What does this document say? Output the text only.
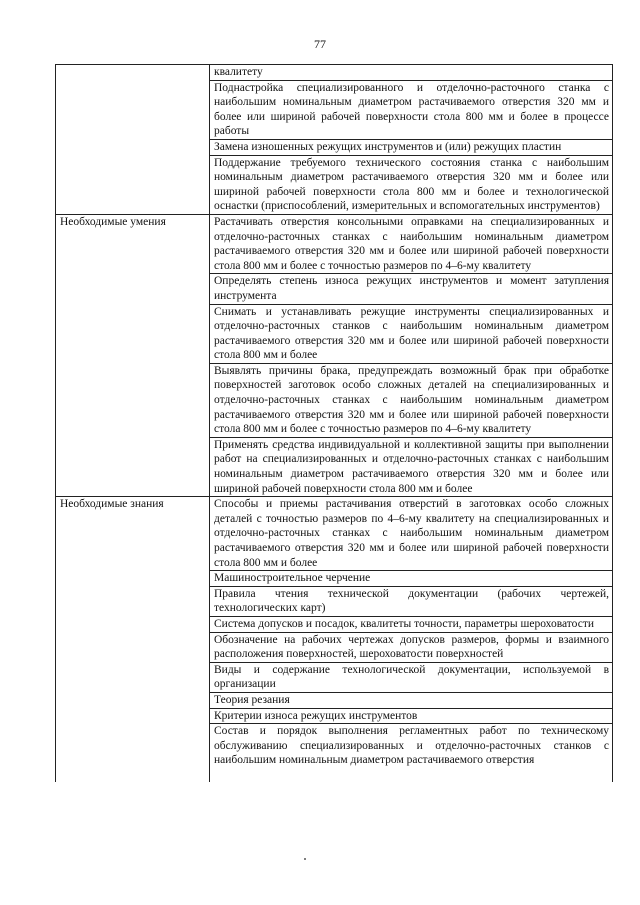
77
	квалитету
	Поднастройка специализированного и отделочно-расточного станка с наибольшим номинальным диаметром растачиваемого отверстия 320 мм и более или шириной рабочей поверхности стола 800 мм и более в процессе работы
	Замена изношенных режущих инструментов и (или) режущих пластин
	Поддержание требуемого технического состояния станка с наибольшим номинальным диаметром растачиваемого отверстия 320 мм и более или шириной рабочей поверхности стола 800 мм и более и технологической оснастки (приспособлений, измерительных и вспомогательных инструментов)
Необходимые умения	Растачивать отверстия консольными оправками на специализированных и отделочно-расточных станках с наибольшим номинальным диаметром растачиваемого отверстия 320 мм и более или шириной рабочей поверхности стола 800 мм и более с точностью размеров по 4–6-му квалитету
	Определять степень износа режущих инструментов и момент затупления инструмента
	Снимать и устанавливать режущие инструменты специализированных и отделочно-расточных станков с наибольшим номинальным диаметром растачиваемого отверстия 320 мм и более или шириной рабочей поверхности стола 800 мм и более
	Выявлять причины брака, предупреждать возможный брак при обработке поверхностей заготовок особо сложных деталей на специализированных и отделочно-расточных станках с наибольшим номинальным диаметром растачиваемого отверстия 320 мм и более или шириной рабочей поверхности стола 800 мм и более с точностью размеров по 4–6-му квалитету
	Применять средства индивидуальной и коллективной защиты при выполнении работ на специализированных и отделочно-расточных станках с наибольшим номинальным диаметром растачиваемого отверстия 320 мм и более или шириной рабочей поверхности стола 800 мм и более
Необходимые знания	Способы и приемы растачивания отверстий в заготовках особо сложных деталей с точностью размеров по 4–6-му квалитету на специализированных и отделочно-расточных станках с наибольшим номинальным диаметром растачиваемого отверстия 320 мм и более или шириной рабочей поверхности стола 800 мм и более
	Машиностроительное черчение
	Правила чтения технической документации (рабочих чертежей, технологических карт)
	Система допусков и посадок, квалитеты точности, параметры шероховатости
	Обозначение на рабочих чертежах допусков размеров, формы и взаимного расположения поверхностей, шероховатости поверхностей
	Виды и содержание технологической документации, используемой в организации
	Теория резания
	Критерии износа режущих инструментов
	Состав и порядок выполнения регламентных работ по техническому обслуживанию специализированных и отделочно-расточных станков с наибольшим номинальным диаметром растачиваемого отверстия
